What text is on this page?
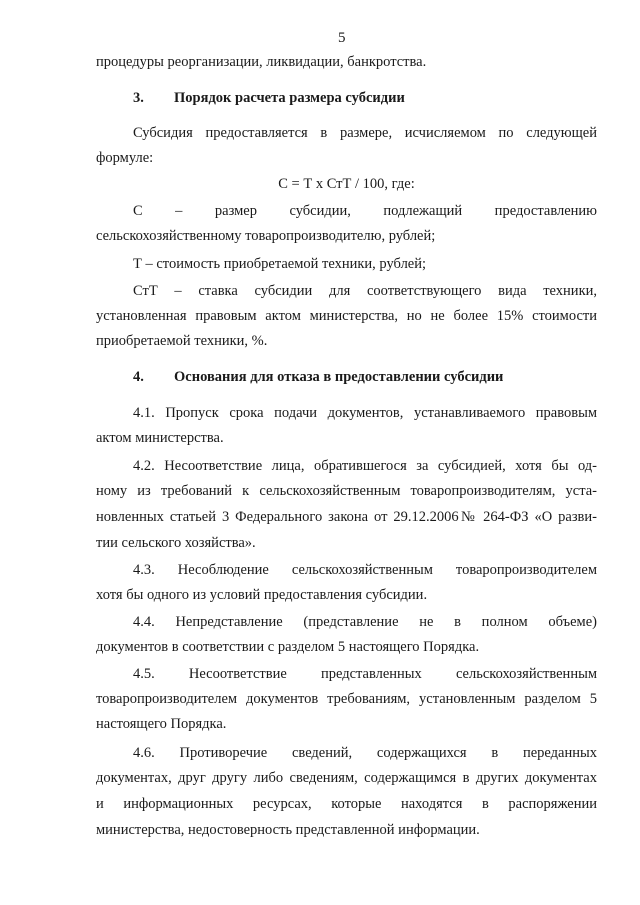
5
процедуры реорганизации, ликвидации, банкротства.
3. Порядок расчета размера субсидии
Субсидия предоставляется в размере, исчисляемом по следующей
формуле:
С = Т х СтТ / 100, где:
С – размер субсидии, подлежащий предоставлению
сельскохозяйственному товаропроизводителю, рублей;
Т – стоимость приобретаемой техники, рублей;
СтТ – ставка субсидии для соответствующего вида техники,
установленная правовым актом министерства, но не более 15% стоимости
приобретаемой техники, %.
4. Основания для отказа в предоставлении субсидии
4.1. Пропуск срока подачи документов, устанавливаемого правовым
актом министерства.
4.2. Несоответствие лица, обратившегося за субсидией, хотя бы од-
ному из требований к сельскохозяйственным товаропроизводителям, уста-
новленных статьей 3 Федерального закона от 29.12.2006№ 264-ФЗ «О разви-
тии сельского хозяйства».
4.3. Несоблюдение сельскохозяйственным товаропроизводителем
хотя бы одного из условий предоставления субсидии.
4.4. Непредставление (представление не в полном объеме)
документов в соответствии с разделом 5 настоящего Порядка.
4.5. Несоответствие представленных сельскохозяйственным
товаропроизводителем документов требованиям, установленным разделом 5
настоящего Порядка.
4.6. Противоречие сведений, содержащихся в переданных
документах, друг другу либо сведениям, содержащимся в других документах
и информационных ресурсах, которые находятся в распоряжении
министерства, недостоверность представленной информации.
